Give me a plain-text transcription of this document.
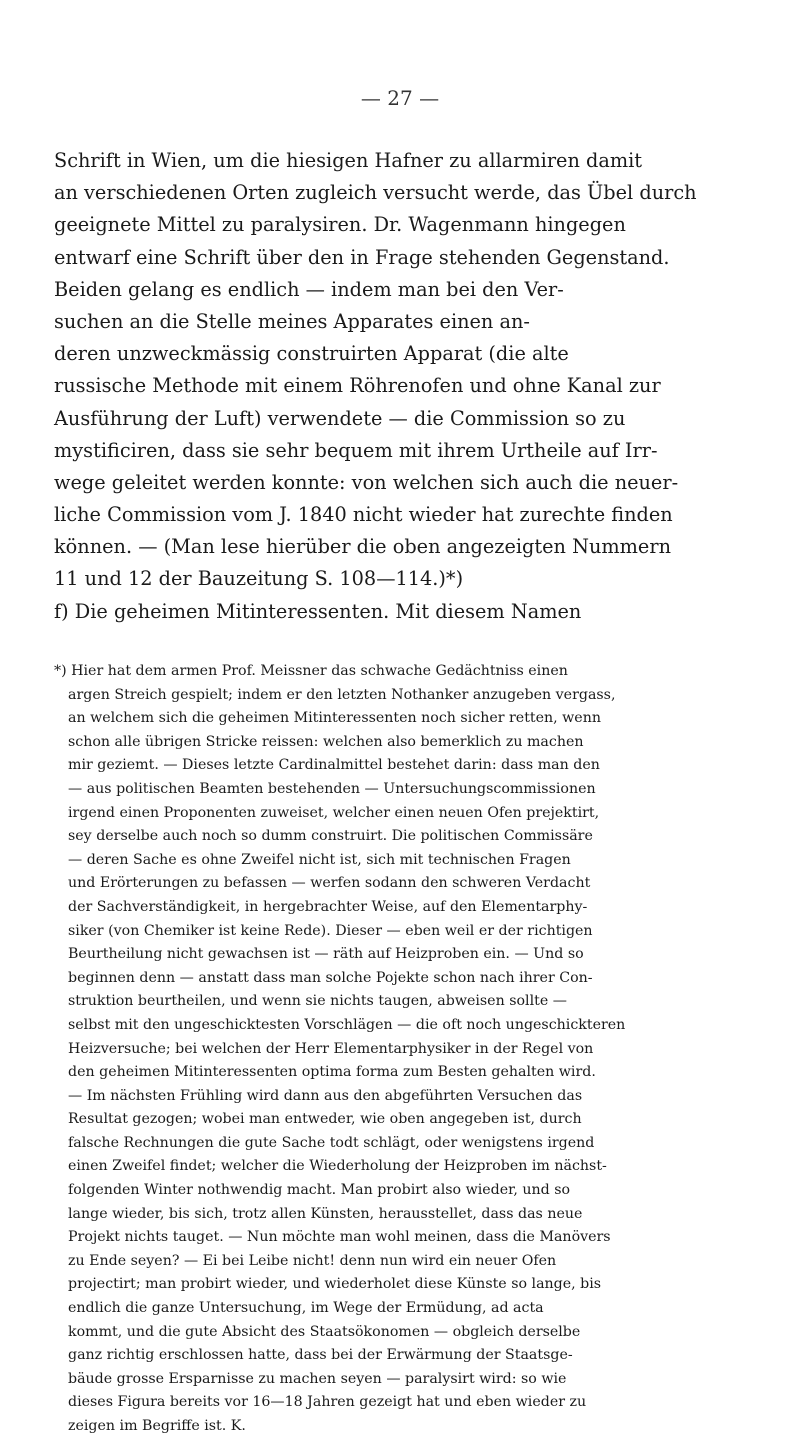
— 27 —
Schrift in Wien, um die hiesigen Hafner zu allarmiren damit
an verschiedenen Orten zugleich versucht werde, das Übel durch
geeignete Mittel zu paralysiren. Dr. Wagenmann hingegen
entwarf eine Schrift über den in Frage stehenden Gegenstand.
Beiden gelang es endlich — indem man bei den Ver-
suchen an die Stelle meines Apparates einen an-
deren unzweckmässig construirten Apparat (die alte
russische Methode mit einem Röhrenofen und ohne Kanal zur
Ausführung der Luft) verwendete — die Commission so zu
mystificiren, dass sie sehr bequem mit ihrem Urtheile auf Irr-
wege geleitet werden konnte: von welchen sich auch die neuer-
liche Commission vom J. 1840 nicht wieder hat zurechte finden
können. — (Man lese hierüber die oben angezeigten Nummern
11 und 12 der Bauzeitung S. 108—114.)*)
f) Die geheimen Mitinteressenten. Mit diesem Namen
*) Hier hat dem armen Prof. Meissner das schwache Gedächtniss einen
argen Streich gespielt; indem er den letzten Nothanker anzugeben vergass,
an welchem sich die geheimen Mitinteressenten noch sicher retten, wenn
schon alle übrigen Stricke reissen: welchen also bemerklich zu machen
mir geziemt. — Dieses letzte Cardinalmittel bestehet darin: dass man den
— aus politischen Beamten bestehenden — Untersuchungscommissionen
irgend einen Proponenten zuweiset, welcher einen neuen Ofen prejektirt,
sey derselbe auch noch so dumm construirt. Die politischen Commissäre
— deren Sache es ohne Zweifel nicht ist, sich mit technischen Fragen
und Erörterungen zu befassen — werfen sodann den schweren Verdacht
der Sachverständigkeit, in hergebrachter Weise, auf den Elementarphy-
siker (von Chemiker ist keine Rede). Dieser — eben weil er der richtigen
Beurtheilung nicht gewachsen ist — räth auf Heizproben ein. — Und so
beginnen denn — anstatt dass man solche Pojekte schon nach ihrer Con-
struktion beurtheilen, und wenn sie nichts taugen, abweisen sollte —
selbst mit den ungeschicktesten Vorschlägen — die oft noch ungeschickteren
Heizversuche; bei welchen der Herr Elementarphysiker in der Regel von
den geheimen Mitinteressenten optima forma zum Besten gehalten wird.
— Im nächsten Frühling wird dann aus den abgeführten Versuchen das
Resultat gezogen; wobei man entweder, wie oben angegeben ist, durch
falsche Rechnungen die gute Sache todt schlägt, oder wenigstens irgend
einen Zweifel findet; welcher die Wiederholung der Heizproben im nächst-
folgenden Winter nothwendig macht. Man probirt also wieder, und so
lange wieder, bis sich, trotz allen Künsten, herausstellet, dass das neue
Projekt nichts tauget. — Nun möchte man wohl meinen, dass die Manövers
zu Ende seyen? — Ei bei Leibe nicht! denn nun wird ein neuer Ofen
projectirt; man probirt wieder, und wiederholet diese Künste so lange, bis
endlich die ganze Untersuchung, im Wege der Ermüdung, ad acta
kommt, und die gute Absicht des Staatsökonomen — obgleich derselbe
ganz richtig erschlossen hatte, dass bei der Erwärmung der Staatsge-
bäude grosse Ersparnisse zu machen seyen — paralysirt wird: so wie
dieses Figura bereits vor 16—18 Jahren gezeigt hat und eben wieder zu
zeigen im Begriffe ist. K.
